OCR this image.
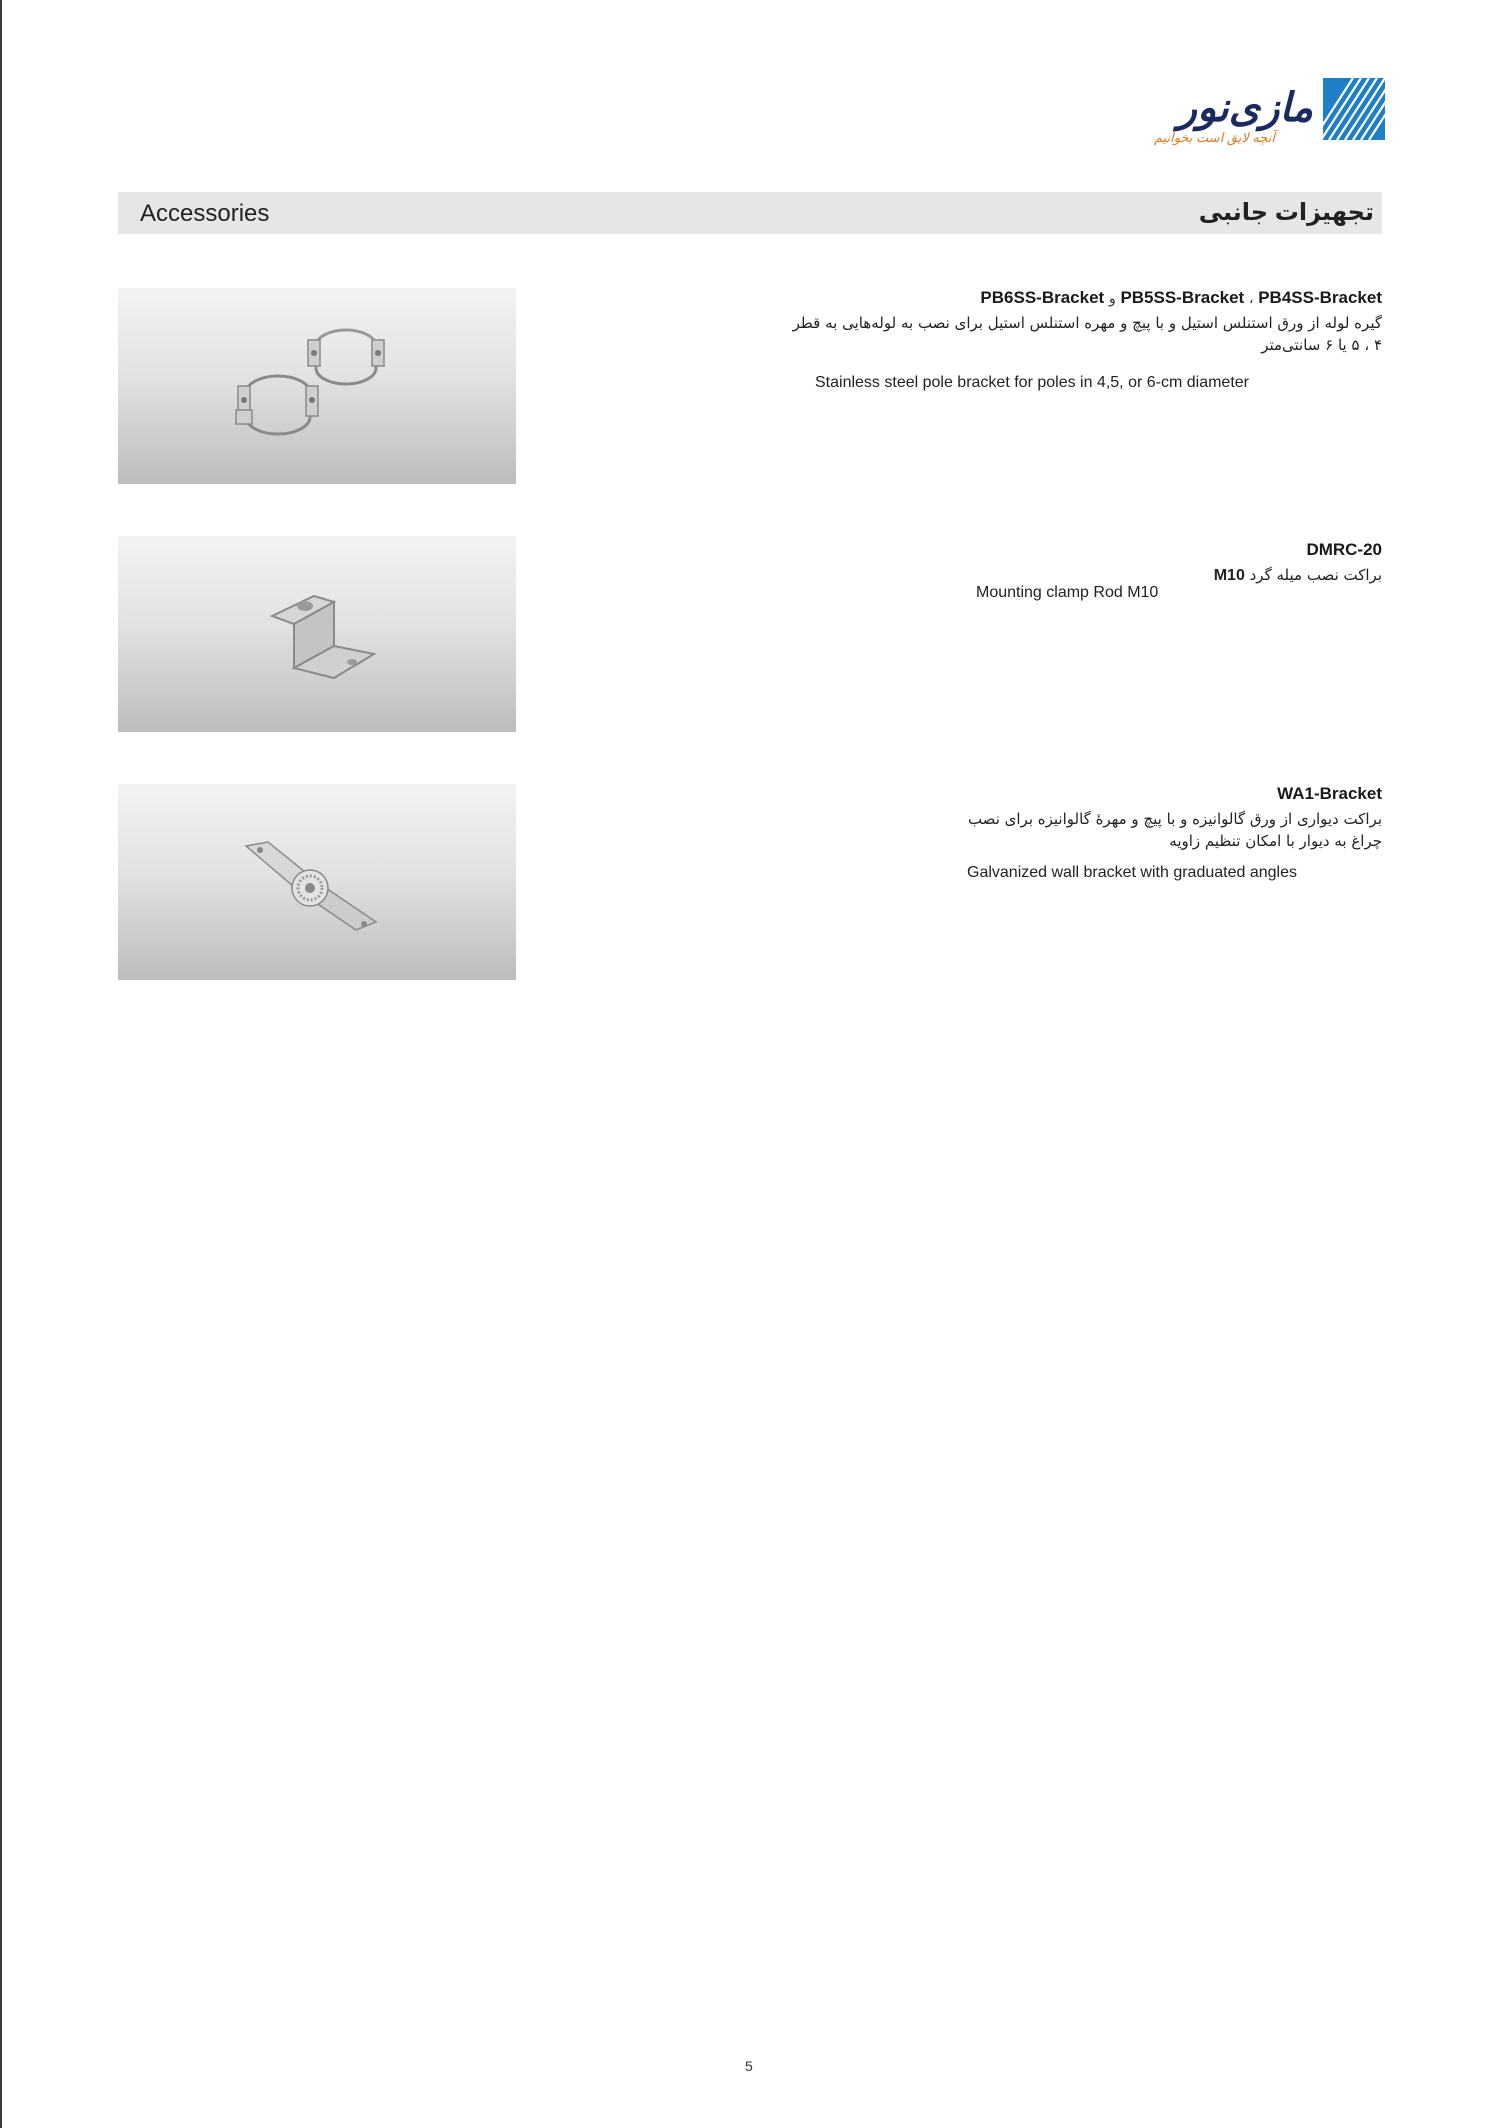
مازی‌نور
آنچه لایق است بخوانیم
Accessories	تجهیزات جانبی
PB6SS-Bracket و PB5SS-Bracket ، PB4SS-Bracket
گیره لوله از ورق استنلس استیل و با پیچ و مهره استنلس استیل برای نصب به لوله‌هایی به قطر
۴ ، ۵ یا ۶ سانتی‌متر
Stainless steel pole bracket for poles in 4,5, or 6-cm diameter
DMRC-20
براکت نصب میله گرد M10
Mounting clamp Rod M10
WA1-Bracket
براکت دیواری از ورق گالوانیزه و با پیچ و مهرهٔ گالوانیزه برای نصب
چراغ به دیوار با امکان تنظیم زاویه
Galvanized wall bracket with graduated angles
5
